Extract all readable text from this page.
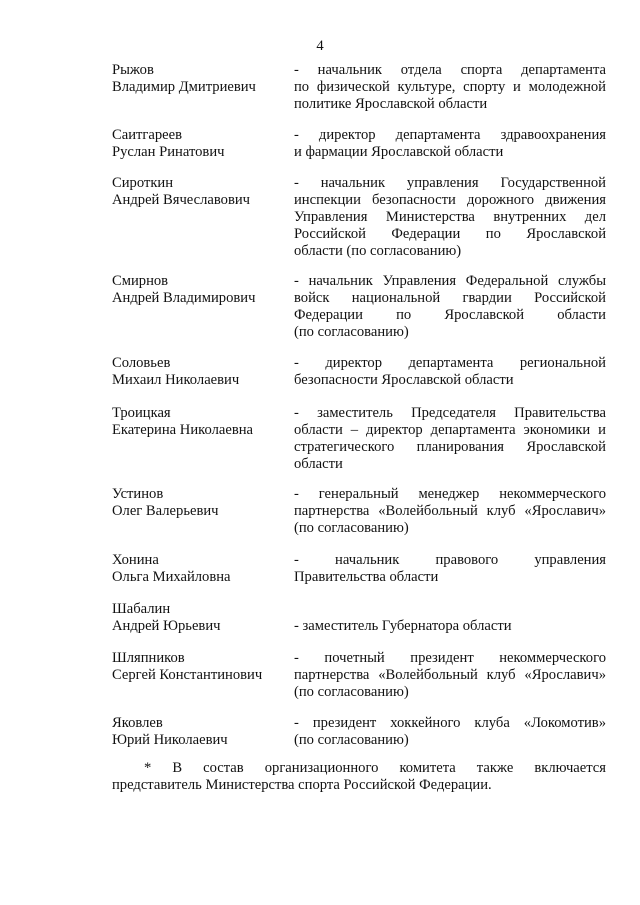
4
Рыжов
Владимир Дмитриевич
- начальник отдела спорта департамента
по физической культуре, спорту и молодежной
политике Ярославской области
Саитгареев
Руслан Ринатович
- директор департамента здравоохранения
и фармации Ярославской области
Сироткин
Андрей Вячеславович
- начальник управления Государственной
инспекции безопасности дорожного движения
Управления Министерства внутренних дел
Российской Федерации по Ярославской
области (по согласованию)
Смирнов
Андрей Владимирович
- начальник Управления Федеральной службы
войск национальной гвардии Российской
Федерации по Ярославской области
(по согласованию)
Соловьев
Михаил Николаевич
- директор департамента региональной
безопасности Ярославской области
Троицкая
Екатерина Николаевна
- заместитель Председателя Правительства
области – директор департамента экономики и
стратегического планирования Ярославской
области
Устинов
Олег Валерьевич
- генеральный менеджер некоммерческого
партнерства «Волейбольный клуб «Ярославич»
(по согласованию)
Хонина
Ольга Михайловна
- начальник правового управления
Правительства области
Шабалин
Андрей Юрьевич	- заместитель Губернатора области
Шляпников
Сергей Константинович
- почетный президент некоммерческого
партнерства «Волейбольный клуб «Ярославич»
(по согласованию)
Яковлев
Юрий Николаевич
- президент хоккейного клуба «Локомотив»
(по согласованию)
* В состав организационного комитета также включается
представитель Министерства спорта Российской Федерации.
